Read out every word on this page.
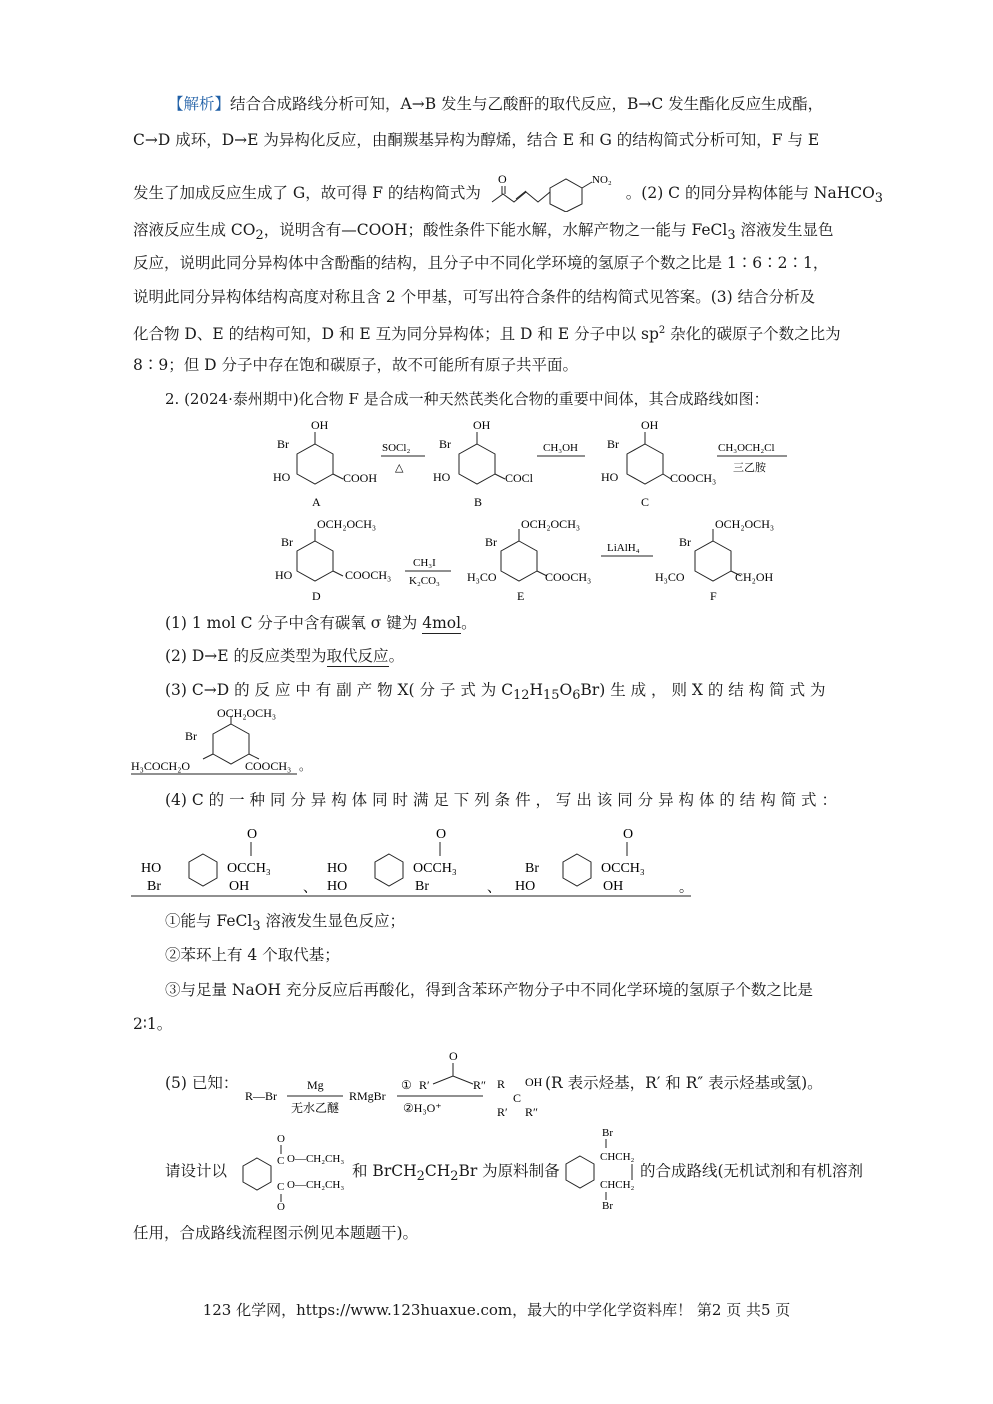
【解析】结合合成路线分析可知，A→B 发生与乙酸酐的取代反应，B→C 发生酯化反应生成酯，
C→D 成环，D→E 为异构化反应，由酮羰基异构为醇烯，结合 E 和 G 的结构简式分析可知，F 与 E
发生了加成反应生成了 G，故可得 F 的结构简式为
O	NO₂
。(2) C 的同分异构体能与 NaHCO$_3$
溶液反应生成 $CO_2$，说明含有—COOH；酸性条件下能水解，水解产物之一能与 FeCl$_3$ 溶液发生显色
反应，说明此同分异构体中含酚酯的结构，且分子中不同化学环境的氢原子个数之比是 1∶6∶2∶1，
说明此同分异构体结构高度对称且含 2 个甲基，可写出符合条件的结构简式见答案。(3) 结合分析及
化合物 D、E 的结构可知，D 和 E 互为同分异构体；且 D 和 E 分子中以 $sp^2$ 杂化的碳原子个数之比为
8∶9；但 D 分子中存在饱和碳原子，故不可能所有原子共平面。
2. (2024·泰州期中)化合物 F 是合成一种天然芪类化合物的重要中间体，其合成路线如图：
OH
Br
HO	COOH
A
SOCl₂
△
OH
Br
HO	COCl
B
CH₃OH
OH
Br
HO	COOCH₃
C
CH₃OCH₂Cl
三乙胺
OCH₂OCH₃
Br
HO	COOCH₃
D
CH₃I
K₂CO₃
OCH₂OCH₃
Br
H₃CO	COOCH₃
E
LiAlH₄
OCH₂OCH₃
Br
H₃CO	CH₂OH
F
(1) 1 mol C 分子中含有碳氧 σ 键为 4mol。
(2) D→E 的反应类型为取代反应。
(3) C→D 的 反 应 中 有 副 产 物 X( 分 子 式 为 $C_{12}H_{15}O_6Br$) 生 成 ， 则 X 的 结 构 简 式 为
OCH₂OCH₃
Br
H₃COCH₂O	COOCH₃ 。
(4) C 的 一 种 同 分 异 构 体 同 时 满 足 下 列 条 件 ， 写 出 该 同 分 异 构 体 的 结 构 简 式 ：
HO
Br
O
OCCH₃
OH	、
HO
HO
O
OCCH₃
Br	、
Br
HO
O
OCCH₃
OH	。
①能与 FeCl$_3$ 溶液发生显色反应；
②苯环上有 4 个取代基；
③与足量 NaOH 充分反应后再酸化，得到含苯环产物分子中不同化学环境的氢原子个数之比是
2∶1。
(5) 已知：
R—Br
Mg
无水乙醚
RMgBr
① R′
O
R″
②H₃O⁺
R
C
OH
R′ R″
(R 表示烃基，R′ 和 R″ 表示烃基或氢)。
请设计以
O
C O—CH₂CH₃
C O—CH₂CH₃
O
和 $BrCH_2CH_2Br$ 为原料制备
Br
CHCH₂
CHCH₂
Br
的合成路线(无机试剂和有机溶剂
任用，合成路线流程图示例见本题题干)。
123 化学网，https://www.123huaxue.com，最大的中学化学资料库！ 第2 页 共5 页
